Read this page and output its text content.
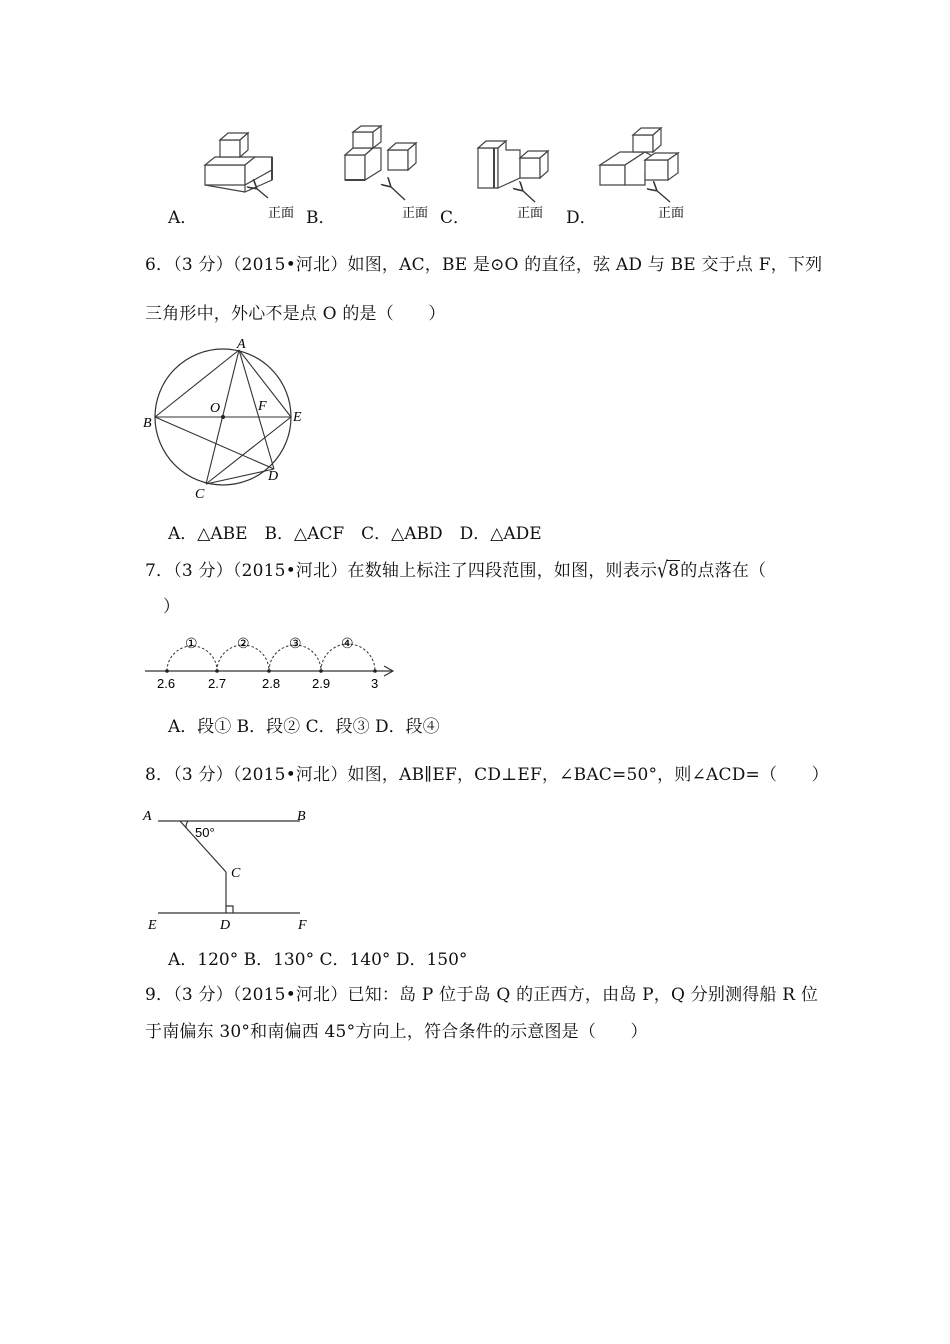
A．	B．	C．	D．
正面	正面	正面	正面
6．（3 分）（2015•河北）如图，AC，BE 是⊙O 的直径，弦 AD 与 BE 交于点 F，下列
三角形中，外心不是点 O 的是（　　）
A
B
C
D
E
F
O
A．△ABE　B．△ACF　C．△ABD　D．△ADE
7．（3 分）（2015•河北）在数轴上标注了四段范围，如图，则表示√8的点落在（
）
①	②	③	④
2.6	2.7	2.8 2.9	3
A．段① B．段② C．段③ D．段④
8．（3 分）（2015•河北）如图，AB∥EF，CD⊥EF，∠BAC=50°，则∠ACD=（　　）
A	B
C
D
E	F
50°
A．120° B．130° C．140° D．150°
9．（3 分）（2015•河北）已知：岛 P 位于岛 Q 的正西方，由岛 P，Q 分别测得船 R 位
于南偏东 30°和南偏西 45°方向上，符合条件的示意图是（　　）
